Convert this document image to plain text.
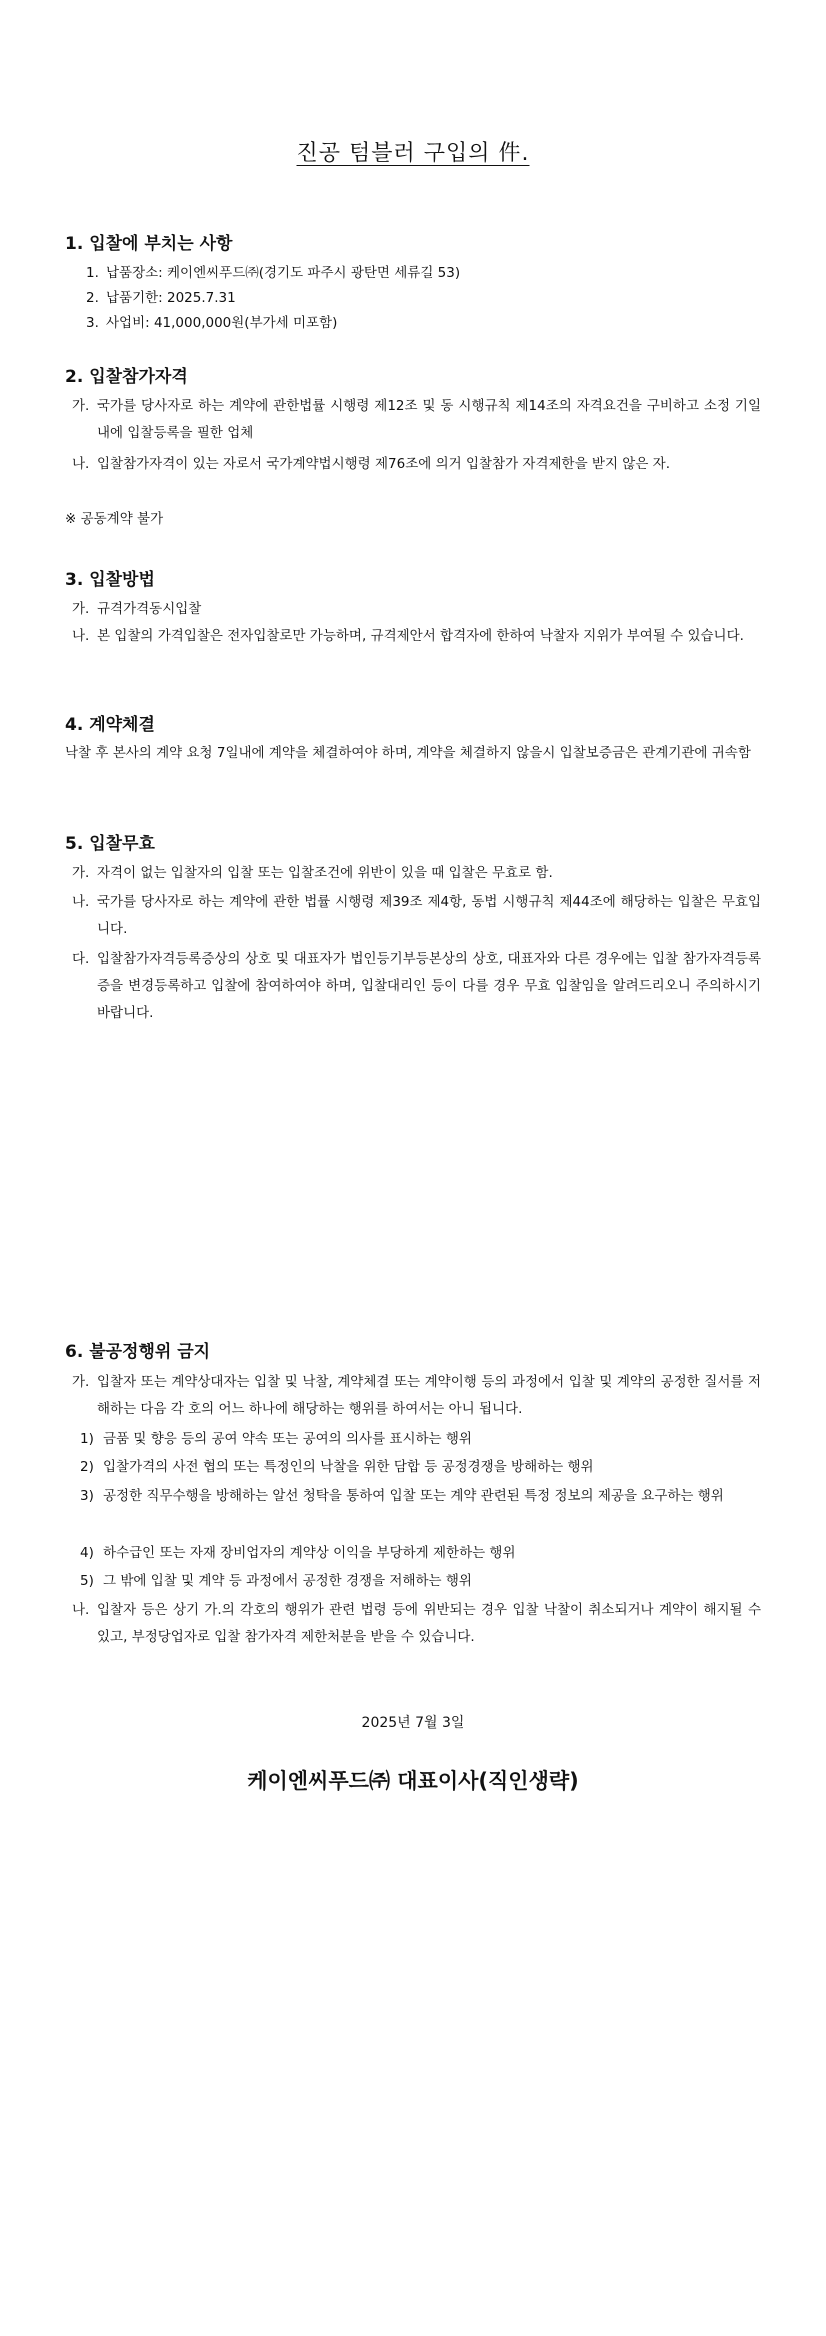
진공 텀블러 구입의 件.
1. 입찰에 부치는 사항
1. 납품장소: 케이엔씨푸드㈜(경기도 파주시 광탄면 세류길 53)
2. 납품기한: 2025.7.31
3. 사업비: 41,000,000원(부가세 미포함)
2. 입찰참가자격
가. 국가를 당사자로 하는 계약에 관한법률 시행령 제12조 및 동 시행규칙 제14조의 자격요건을 구비하고 소정 기일 내에 입찰등록을 필한 업체
나. 입찰참가자격이 있는 자로서 국가계약법시행령 제76조에 의거 입찰참가 자격제한을 받지 않은 자.
※ 공동계약 불가
3. 입찰방법
가. 규격가격동시입찰
나. 본 입찰의 가격입찰은 전자입찰로만 가능하며, 규격제안서 합격자에 한하여 낙찰자 지위가 부여될 수 있습니다.
4. 계약체결
낙찰 후 본사의 계약 요청 7일내에 계약을 체결하여야 하며, 계약을 체결하지 않을시 입찰보증금은 관계기관에 귀속함
5. 입찰무효
가. 자격이 없는 입찰자의 입찰 또는 입찰조건에 위반이 있을 때 입찰은 무효로 함.
나. 국가를 당사자로 하는 계약에 관한 법률 시행령 제39조 제4항, 동법 시행규칙 제44조에 해당하는 입찰은 무효입니다.
다. 입찰참가자격등록증상의 상호 및 대표자가 법인등기부등본상의 상호, 대표자와 다른 경우에는 입찰 참가자격등록증을 변경등록하고 입찰에 참여하여야 하며, 입찰대리인 등이 다를 경우 무효 입찰임을 알려드리오니 주의하시기 바랍니다.
6. 불공정행위 금지
가. 입찰자 또는 계약상대자는 입찰 및 낙찰, 계약체결 또는 계약이행 등의 과정에서 입찰 및 계약의 공정한 질서를 저해하는 다음 각 호의 어느 하나에 해당하는 행위를 하여서는 아니 됩니다.
1) 금품 및 향응 등의 공여 약속 또는 공여의 의사를 표시하는 행위
2) 입찰가격의 사전 협의 또는 특정인의 낙찰을 위한 담합 등 공정경쟁을 방해하는 행위
3) 공정한 직무수행을 방해하는 알선 청탁을 통하여 입찰 또는 계약 관련된 특정 정보의 제공을 요구하는 행위
4) 하수급인 또는 자재 장비업자의 계약상 이익을 부당하게 제한하는 행위
5) 그 밖에 입찰 및 계약 등 과정에서 공정한 경쟁을 저해하는 행위
나. 입찰자 등은 상기 가.의 각호의 행위가 관련 법령 등에 위반되는 경우 입찰 낙찰이 취소되거나 계약이 해지될 수 있고, 부정당업자로 입찰 참가자격 제한처분을 받을 수 있습니다.
2025년 7월 3일
케이엔씨푸드㈜ 대표이사(직인생략)
